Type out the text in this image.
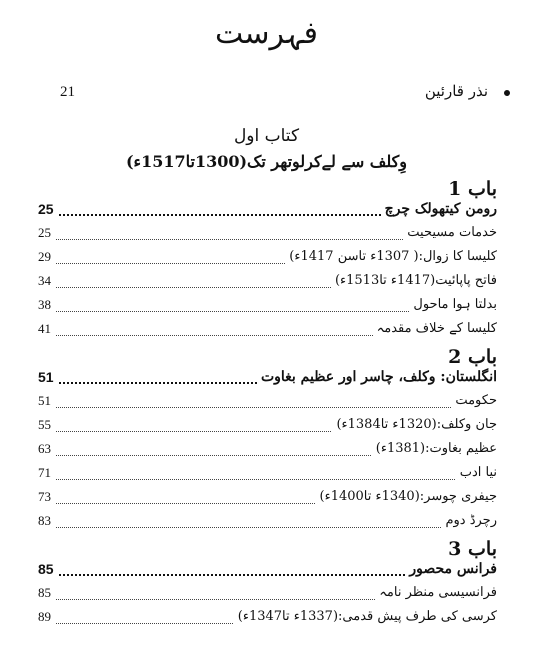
فہرست
21	نذر قارئین
کتاب اول
وِکلف سے لےکرلوتھر تک(1300تا1517ء)
باب 1
25	رومن کیتھولک چرچ
25	خدمات مسیحیت
29	کلیسا کا زوال:( 1307ء تاسن 1417ء)
34	فاتح پاپائیت(1417ء تا1513ء)
38	بدلتا ہوا ماحول
41	کلیسا کے خلاف مقدمہ
باب 2
51	انگلستان: وکلف، چاسر اور عظیم بغاوت
51	حکومت
55	جان وکلف:(1320ء تا1384ء)
63	عظیم بغاوت:(1381ء)
71	نیا ادب
73	جیفری چوسر:(1340ء تا1400ء)
83	رچرڈ دوم
باب 3
85	فرانس محصور
85	فرانسیسی منظر نامہ
89	کرسی کی طرف پیش قدمی:(1337ء تا1347ء)
